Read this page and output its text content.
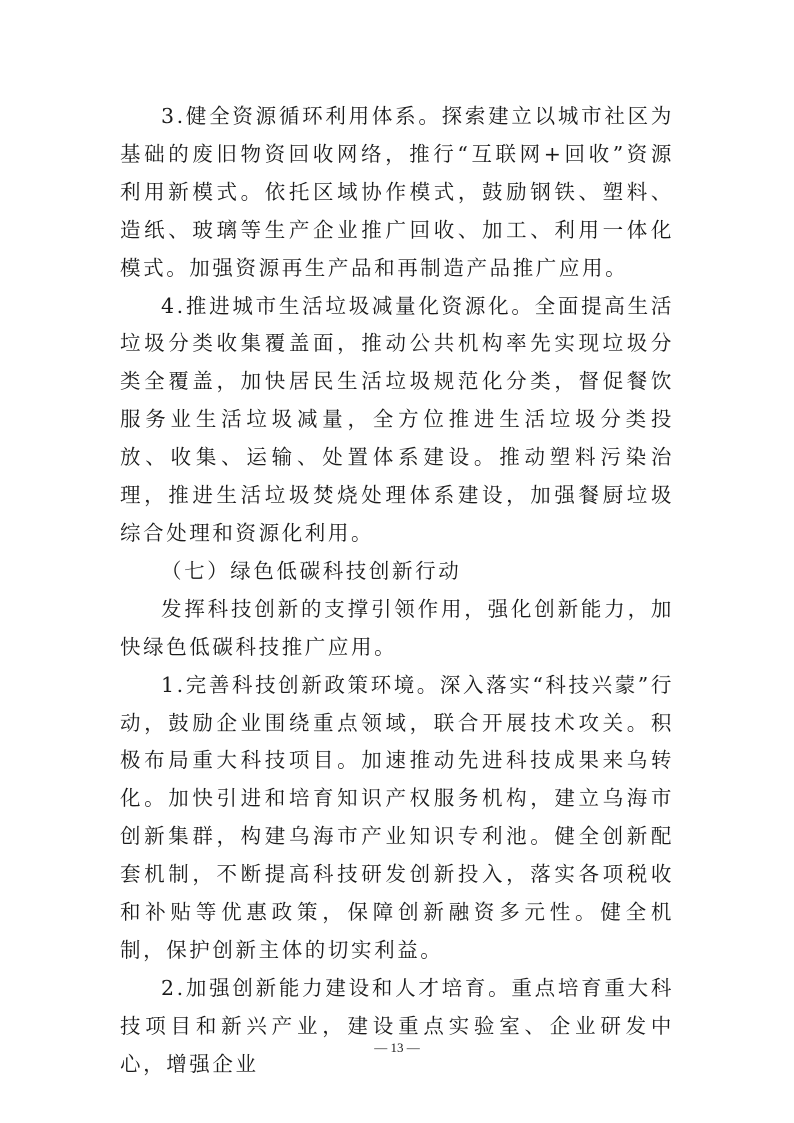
3.健全资源循环利用体系。探索建立以城市社区为基础的废旧物资回收网络，推行“互联网+回收”资源利用新模式。依托区域协作模式，鼓励钢铁、塑料、造纸、玻璃等生产企业推广回收、加工、利用一体化模式。加强资源再生产品和再制造产品推广应用。

4.推进城市生活垃圾减量化资源化。全面提高生活垃圾分类收集覆盖面，推动公共机构率先实现垃圾分类全覆盖，加快居民生活垃圾规范化分类，督促餐饮服务业生活垃圾减量，全方位推进生活垃圾分类投放、收集、运输、处置体系建设。推动塑料污染治理，推进生活垃圾焚烧处理体系建设，加强餐厨垃圾综合处理和资源化利用。

（七）绿色低碳科技创新行动

发挥科技创新的支撑引领作用，强化创新能力，加快绿色低碳科技推广应用。

1.完善科技创新政策环境。深入落实“科技兴蒙”行动，鼓励企业围绕重点领域，联合开展技术攻关。积极布局重大科技项目。加速推动先进科技成果来乌转化。加快引进和培育知识产权服务机构，建立乌海市创新集群，构建乌海市产业知识专利池。健全创新配套机制，不断提高科技研发创新投入，落实各项税收和补贴等优惠政策，保障创新融资多元性。健全机制，保护创新主体的切实利益。

2.加强创新能力建设和人才培育。重点培育重大科技项目和新兴产业，建设重点实验室、企业研发中心，增强企业

— 13 —
